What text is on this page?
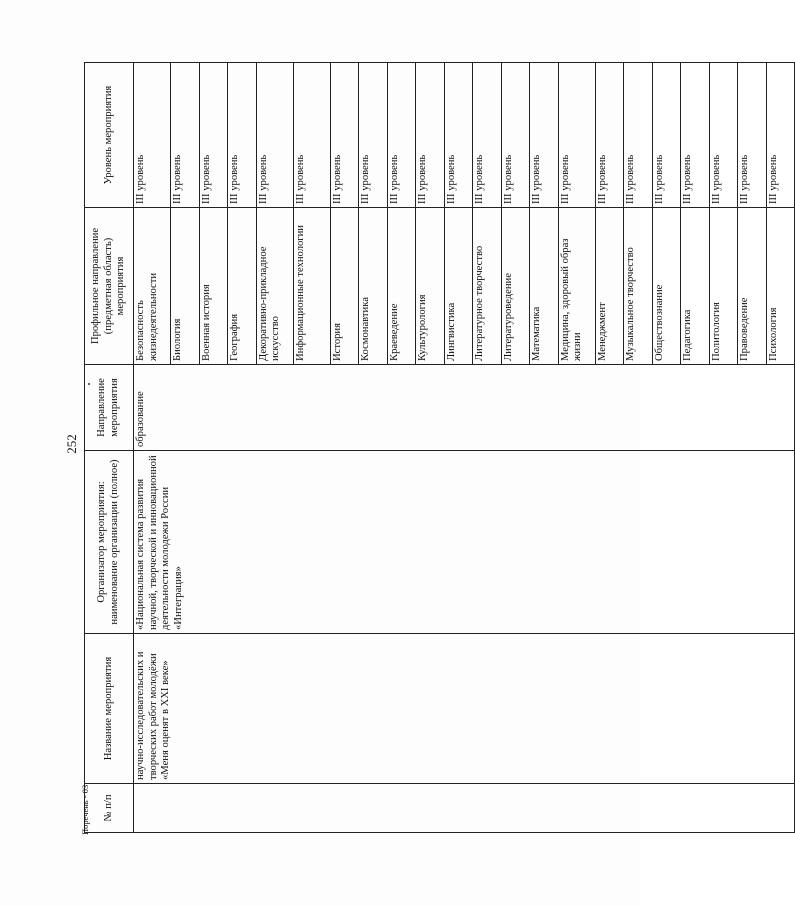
252
№ п/п	Название мероприятия	Организатор мероприятия: наименование организации (полное)	Направление мероприятия	Профильное направление (предметная область) мероприятия	Уровень мероприятия
	научно-исследовательских и творческих работ молодёжи «Меня оценят в XXI веке»	«Национальная система развития научной, творческой и инновационной деятельности молодежи России «Интеграция»	образование	Безопасность жизнедеятельности	III уровень
				Биология	III уровень
				Военная история	III уровень
				География	III уровень
				Декоративно-прикладное искусство	III уровень
				Информационные технологии	III уровень
				История	III уровень
				Космонавтика	III уровень
				Краеведение	III уровень
				Культурология	III уровень
				Лингвистика	III уровень
				Литературное творчество	III уровень
				Литературоведение	III уровень
				Математика	III уровень
				Медицина, здоровый образ жизни	III уровень
				Менеджмент	III уровень
				Музыкальное творчество	III уровень
				Обществознание	III уровень
				Педагогика	III уровень
				Политология	III уровень
				Правоведение	III уровень
				Психология	III уровень
Поречень - 03
